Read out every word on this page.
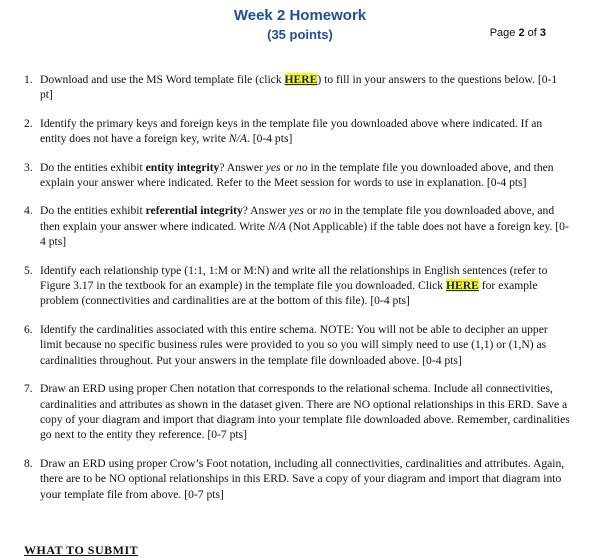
Week 2 Homework
(35 points)	Page 2 of 3
1. Download and use the MS Word template file (click HERE) to fill in your answers to the questions below. [0-1 pt]
2. Identify the primary keys and foreign keys in the template file you downloaded above where indicated. If an entity does not have a foreign key, write N/A. [0-4 pts]
3. Do the entities exhibit entity integrity? Answer yes or no in the template file you downloaded above, and then explain your answer where indicated. Refer to the Meet session for words to use in explanation. [0-4 pts]
4. Do the entities exhibit referential integrity? Answer yes or no in the template file you downloaded above, and then explain your answer where indicated. Write N/A (Not Applicable) if the table does not have a foreign key. [0-4 pts]
5. Identify each relationship type (1:1, 1:M or M:N) and write all the relationships in English sentences (refer to Figure 3.17 in the textbook for an example) in the template file you downloaded. Click HERE for example problem (connectivities and cardinalities are at the bottom of this file). [0-4 pts]
6. Identify the cardinalities associated with this entire schema. NOTE: You will not be able to decipher an upper limit because no specific business rules were provided to you so you will simply need to use (1,1) or (1,N) as cardinalities throughout. Put your answers in the template file downloaded above. [0-4 pts]
7. Draw an ERD using proper Chen notation that corresponds to the relational schema. Include all connectivities, cardinalities and attributes as shown in the dataset given. There are NO optional relationships in this ERD. Save a copy of your diagram and import that diagram into your template file downloaded above. Remember, cardinalities go next to the entity they reference. [0-7 pts]
8. Draw an ERD using proper Crow’s Foot notation, including all connectivities, cardinalities and attributes. Again, there are to be NO optional relationships in this ERD. Save a copy of your diagram and import that diagram into your template file from above. [0-7 pts]
WHAT TO SUBMIT
